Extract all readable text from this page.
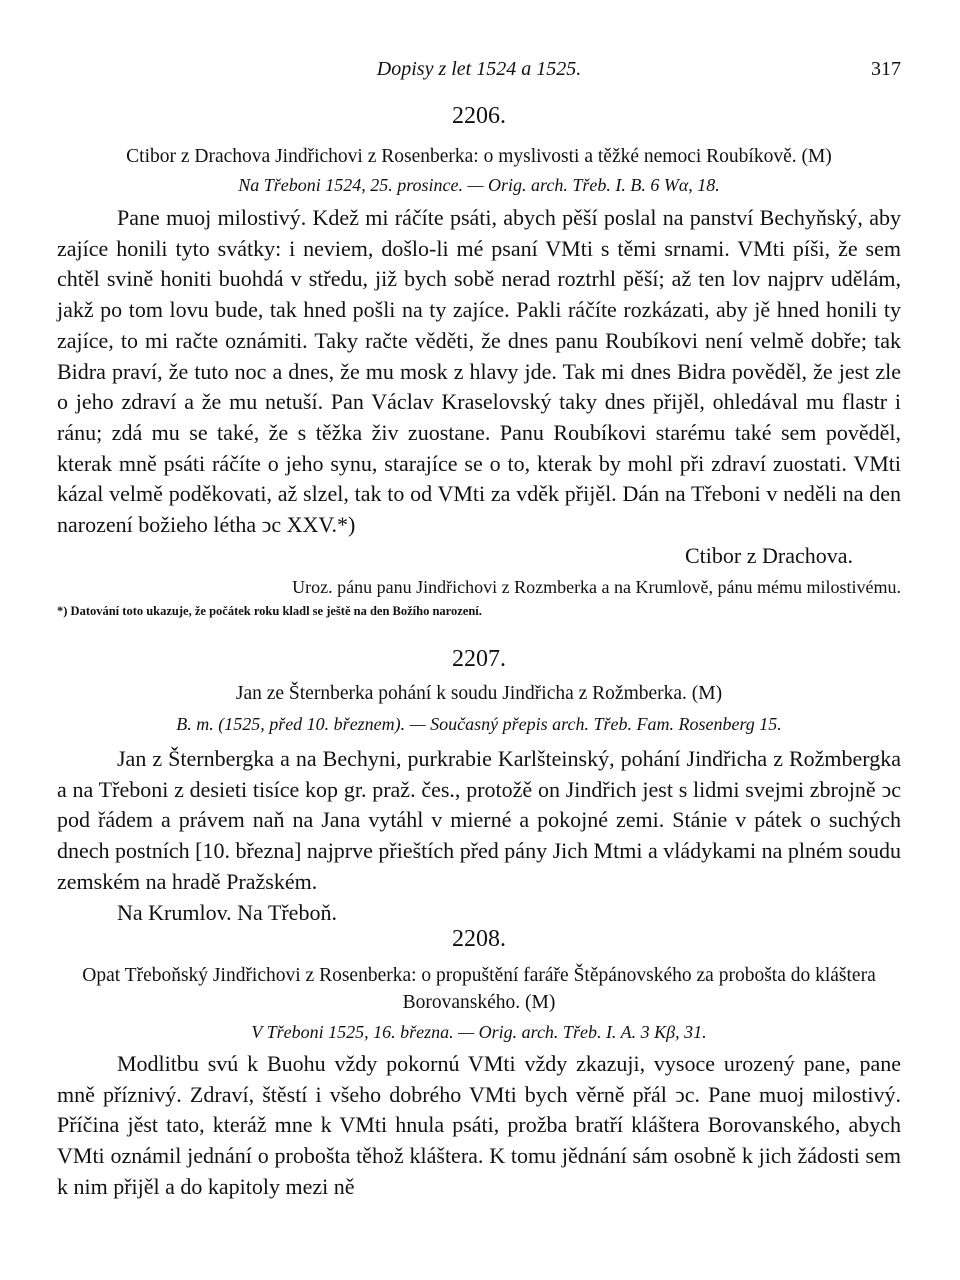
Dopisy z let 1524 a 1525.	317
2206.
Ctibor z Drachova Jindřichovi z Rosenberka: o myslivosti a těžké nemoci Roubíkově. (M)
Na Třeboni 1524, 25. prosince. — Orig. arch. Třeb. I. B. 6 Wα, 18.

Pane muoj milostivý. Kdež mi ráčíte psáti, abych pěší poslal na panství Bechyňský, aby zajíce honili tyto svátky: i neviem, došlo-li mé psaní VMti s těmi srnami. VMti píši, že sem chtěl svině honiti buohdá v středu, již bych sobě nerad roztrhl pěší; až ten lov najprv udělám, jakž po tom lovu bude, tak hned pošli na ty zajíce. Pakli ráčíte rozkázati, aby jě hned honili ty zajíce, to mi račte oznámiti. Taky račte věděti, že dnes panu Roubíkovi není velmě dobře; tak Bidra praví, že tuto noc a dnes, že mu mosk z hlavy jde. Tak mi dnes Bidra pověděl, že jest zle o jeho zdraví a že mu netuší. Pan Václav Kraselovský taky dnes přijěl, ohledával mu flastr i ránu; zdá mu se také, že s těžka živ zuostane. Panu Roubíkovi starému také sem pověděl, kterak mně psáti ráčíte o jeho synu, starajíce se o to, kterak by mohl při zdraví zuostati. VMti kázal velmě poděkovati, až slzel, tak to od VMti za vděk přijěl. Dán na Třeboni v neděli na den narození božieho létha ↄc XXV.*)

Ctibor z Drachova.

Uroz. pánu panu Jindřichovi z Rozmberka a na Krumlově, pánu mému milostivému.
*) Datování toto ukazuje, že počátek roku kladl se ještě na den Božího narození.
2207.
Jan ze Šternberka pohání k soudu Jindřicha z Rožmberka. (M)
B. m. (1525, před 10. březnem). — Současný přepis arch. Třeb. Fam. Rosenberg 15.

Jan z Šternbergka a na Bechyni, purkrabie Karlšteinský, pohání Jindřicha z Rožmbergka a na Třeboni z desieti tisíce kop gr. praž. čes., protožě on Jindřich jest s lidmi svejmi zbrojně ↄc pod řádem a právem naň na Jana vytáhl v mierné a pokojné zemi. Stánie v pátek o suchých dnech postních [10. března] najprve přieštích před pány Jich Mtmi a vládykami na plném soudu zemském na hradě Pražském.

Na Krumlov. Na Třeboň.

2208.
Opat Třeboňský Jindřichovi z Rosenberka: o propuštění faráře Štěpánovského za probošta do kláštera Borovanského. (M)
V Třeboni 1525, 16. března. — Orig. arch. Třeb. I. A. 3 Kβ, 31.

Modlitbu svú k Buohu vždy pokornú VMti vždy zkazuji, vysoce urozený pane, pane mně příznivý. Zdraví, štěstí i všeho dobrého VMti bych věrně přál ↄc. Pane muoj milostivý. Příčina jěst tato, kteráž mne k VMti hnula psáti, prožba bratří kláštera Borovanského, abych VMti oznámil jednání o probošta těhož kláštera. K tomu jědnání sám osobně k jich žádosti sem k nim přijěl a do kapitoly mezi ně
